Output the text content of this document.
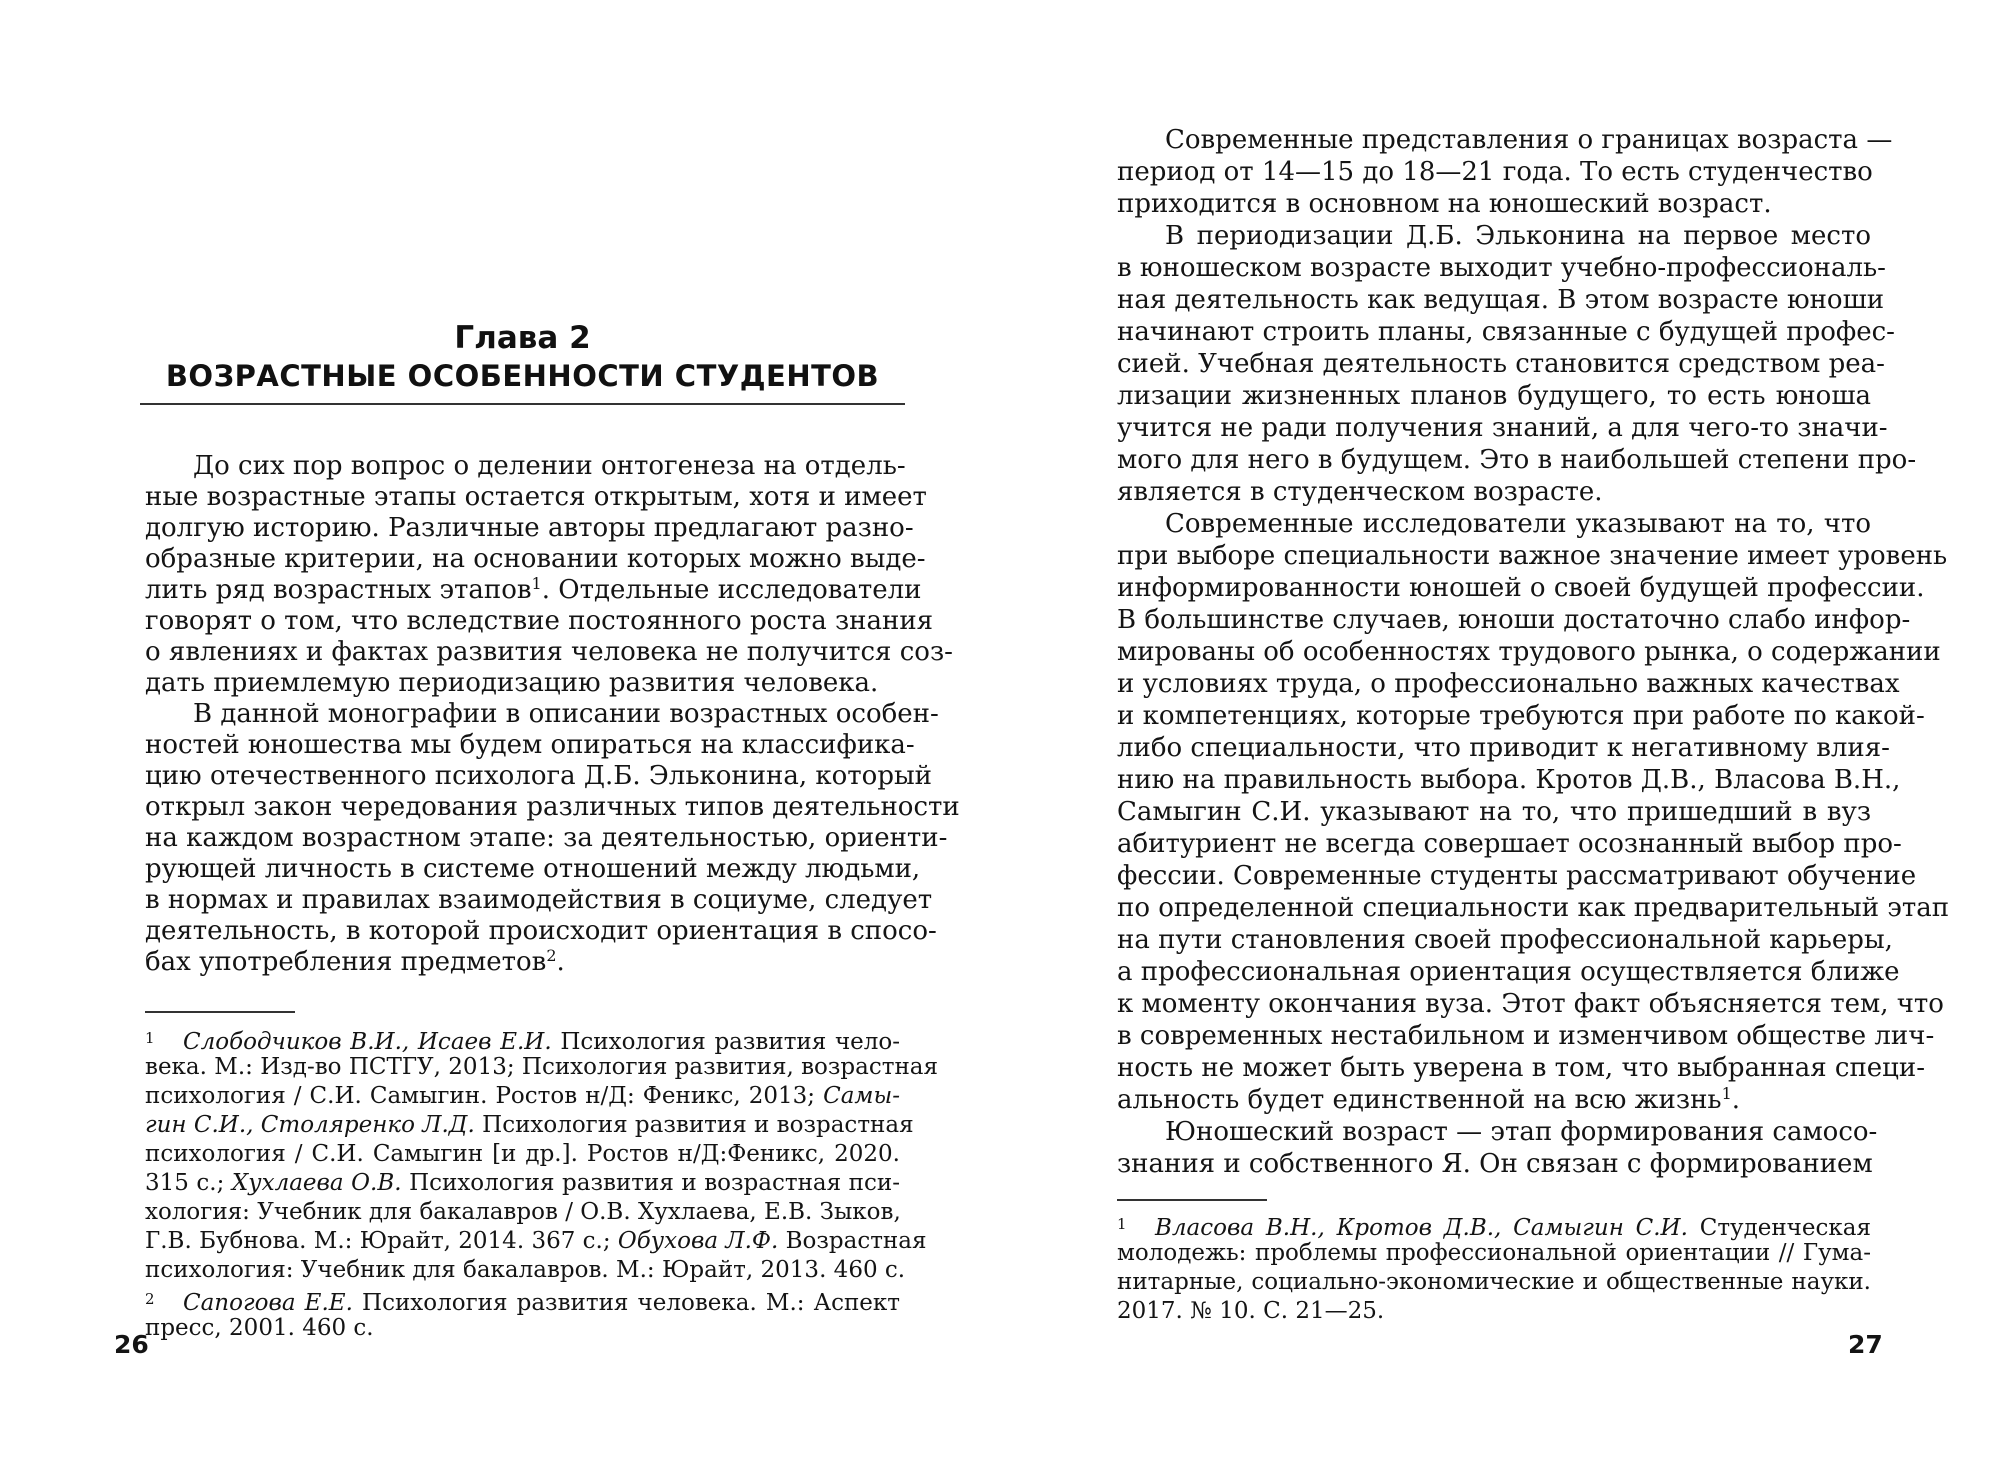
Глава 2
ВОЗРАСТНЫЕ ОСОБЕННОСТИ СТУДЕНТОВ
До сих пор вопрос о делении онтогенеза на отдель-
ные возрастные этапы остается открытым, хотя и имеет
долгую историю. Различные авторы предлагают разно-
образные критерии, на основании которых можно выде-
лить ряд возрастных этапов$^1$. Отдельные исследователи
говорят о том, что вследствие постоянного роста знания
о явлениях и фактах развития человека не получится соз-
дать приемлемую периодизацию развития человека.
В данной монографии в описании возрастных особен-
ностей юношества мы будем опираться на классифика-
цию отечественного психолога Д.Б. Эльконина, который
открыл закон чередования различных типов деятельности
на каждом возрастном этапе: за деятельностью, ориенти-
рующей личность в системе отношений между людьми,
в нормах и правилах взаимодействия в социуме, следует
деятельность, в которой происходит ориентация в спосо-
бах употребления предметов$^2$.
1 Слободчиков В.И., Исаев Е.И. Психология развития чело-
века. М.: Изд-во ПСТГУ, 2013; Психология развития, возрастная
психология / С.И. Самыгин. Ростов н/Д: Феникс, 2013; Самы-
гин С.И., Столяренко Л.Д. Психология развития и возрастная
психология / С.И. Самыгин [и др.]. Ростов н/Д:Феникс, 2020.
315 с.; Хухлаева О.В. Психология развития и возрастная пси-
хология: Учебник для бакалавров / О.В. Хухлаева, Е.В. Зыков,
Г.В. Бубнова. М.: Юрайт, 2014. 367 с.; Обухова Л.Ф. Возрастная
психология: Учебник для бакалавров. М.: Юрайт, 2013. 460 с.
2 Сапогова Е.Е. Психология развития человека. М.: Аспект
пресс, 2001. 460 с.
26
Современные представления о границах возраста —
период от 14—15 до 18—21 года. То есть студенчество
приходится в основном на юношеский возраст.
В периодизации Д.Б. Эльконина на первое место
в юношеском возрасте выходит учебно-профессиональ-
ная деятельность как ведущая. В этом возрасте юноши
начинают строить планы, связанные с будущей профес-
сией. Учебная деятельность становится средством реа-
лизации жизненных планов будущего, то есть юноша
учится не ради получения знаний, а для чего-то значи-
мого для него в будущем. Это в наибольшей степени про-
является в студенческом возрасте.
Современные исследователи указывают на то, что
при выборе специальности важное значение имеет уровень
информированности юношей о своей будущей профессии.
В большинстве случаев, юноши достаточно слабо инфор-
мированы об особенностях трудового рынка, о содержании
и условиях труда, о профессионально важных качествах
и компетенциях, которые требуются при работе по какой-
либо специальности, что приводит к негативному влия-
нию на правильность выбора. Кротов Д.В., Власова В.Н.,
Самыгин С.И. указывают на то, что пришедший в вуз
абитуриент не всегда совершает осознанный выбор про-
фессии. Современные студенты рассматривают обучение
по определенной специальности как предварительный этап
на пути становления своей профессиональной карьеры,
а профессиональная ориентация осуществляется ближе
к моменту окончания вуза. Этот факт объясняется тем, что
в современных нестабильном и изменчивом обществе лич-
ность не может быть уверена в том, что выбранная специ-
альность будет единственной на всю жизнь$^1$.
Юношеский возраст — этап формирования самосо-
знания и собственного Я. Он связан с формированием
1 Власова В.Н., Кротов Д.В., Самыгин С.И. Студенческая
молодежь: проблемы профессиональной ориентации // Гума-
нитарные, социально-экономические и общественные науки.
2017. № 10. С. 21—25.
27
